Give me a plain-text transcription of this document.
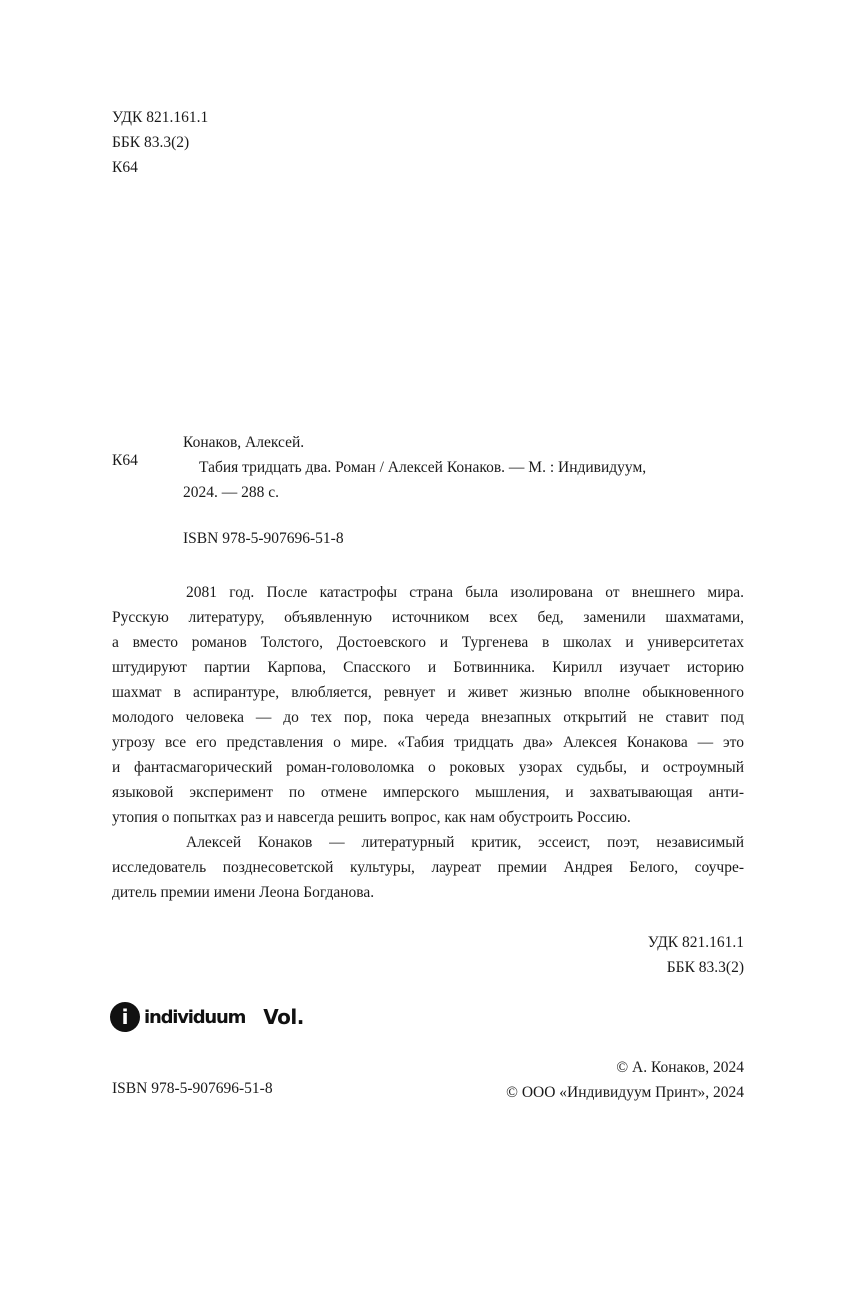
УДК 821.161.1
ББК 83.3(2)
К64
К64
Конаков, Алексей.
Табия тридцать два. Роман / Алексей Конаков. — М. : Индивидуум,
2024. — 288 с.
ISBN 978-5-907696-51-8
2081 год. После катастрофы страна была изолирована от внешнего мира.
Русскую литературу, объявленную источником всех бед, заменили шахматами,
а вместо романов Толстого, Достоевского и Тургенева в школах и университетах
штудируют партии Карпова, Спасского и Ботвинника. Кирилл изучает историю
шахмат в аспирантуре, влюбляется, ревнует и живет жизнью вполне обыкновенного
молодого человека — до тех пор, пока череда внезапных открытий не ставит под
угрозу все его представления о мире. «Табия тридцать два» Алексея Конакова — это
и фантасмагорический роман-головоломка о роковых узорах судьбы, и остроумный
языковой эксперимент по отмене имперского мышления, и захватывающая анти-
утопия о попытках раз и навсегда решить вопрос, как нам обустроить Россию.
Алексей Конаков — литературный критик, эссеист, поэт, независимый
исследователь позднесоветской культуры, лауреат премии Андрея Белого, соучре-
дитель премии имени Леона Богданова.
УДК 821.161.1
ББК 83.3(2)
i individuum Vol.
ISBN 978-5-907696-51-8
© А. Конаков, 2024
© ООО «Индивидуум Принт», 2024
